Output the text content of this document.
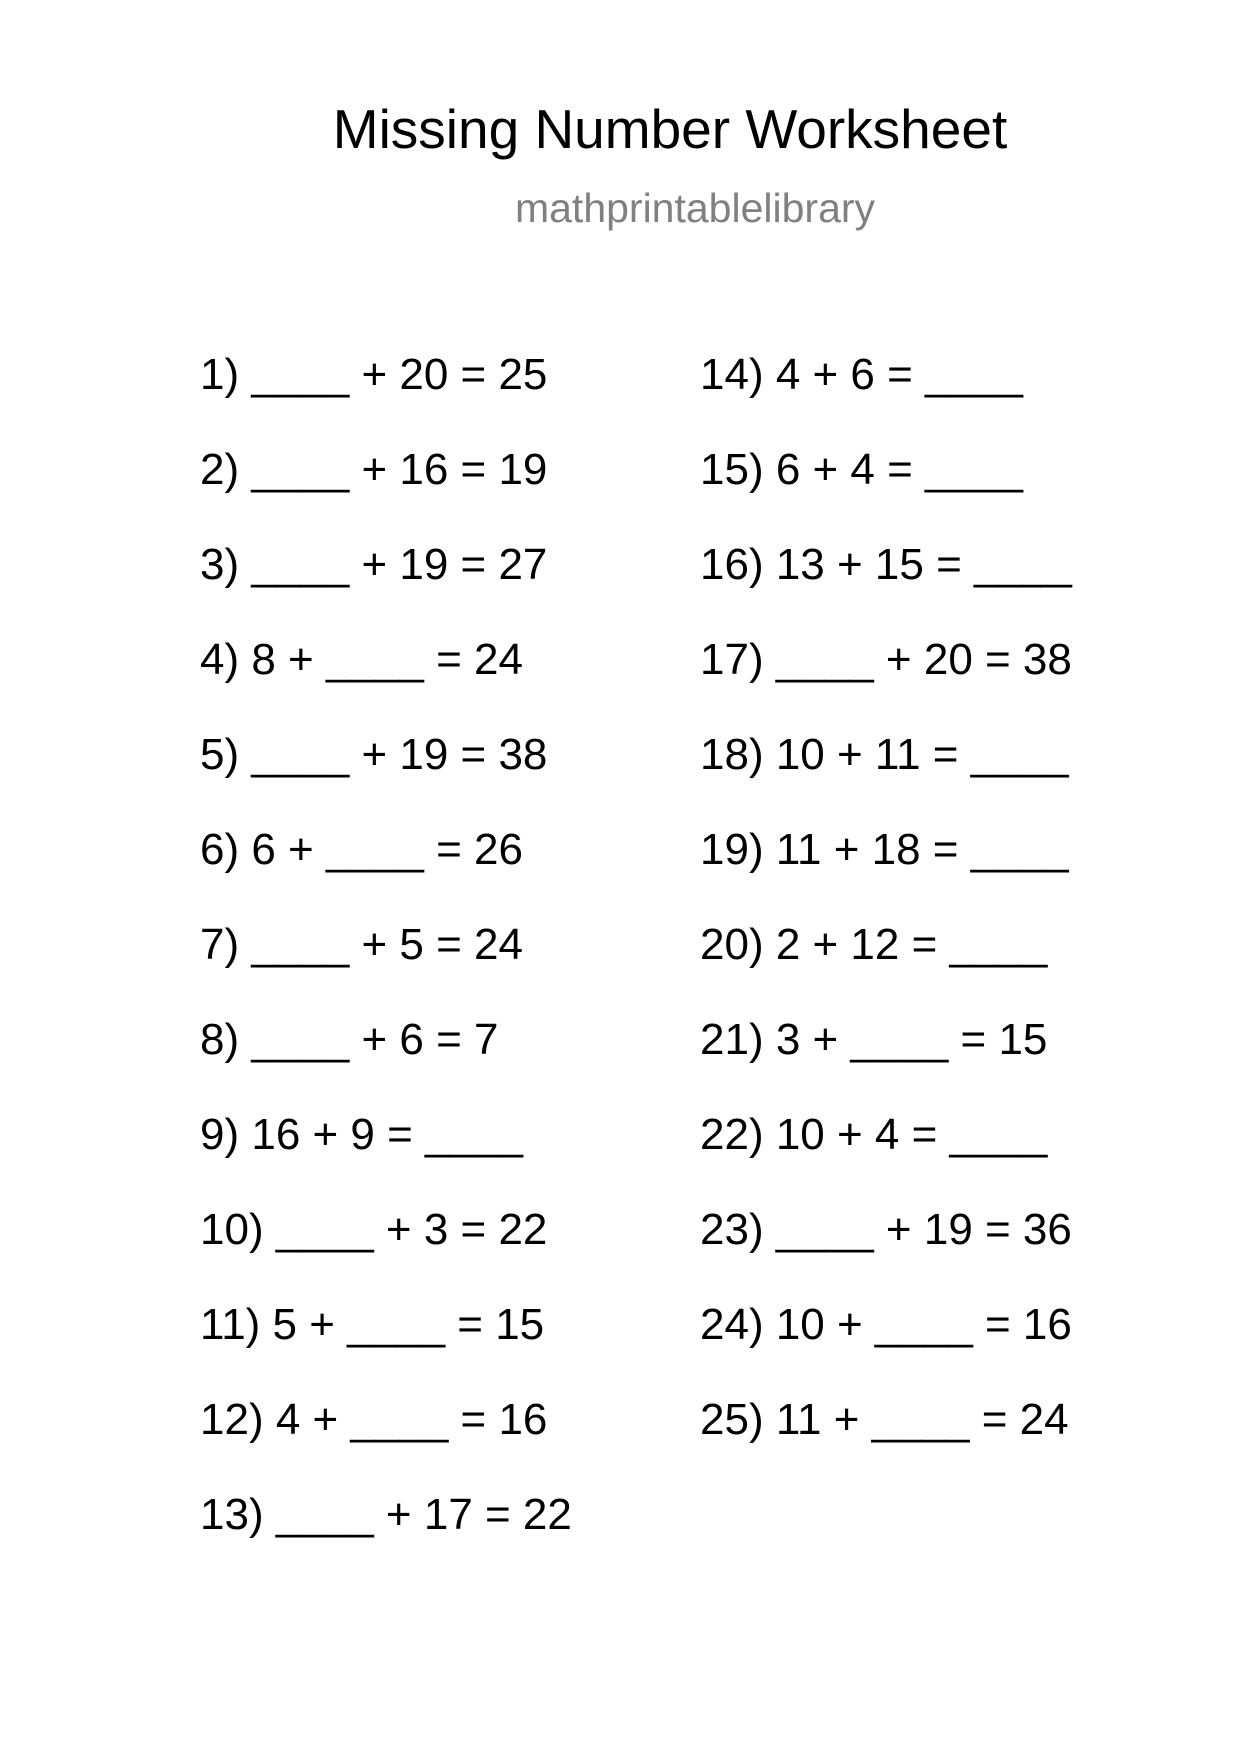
Missing Number Worksheet
mathprintablelibrary
1) ____ + 20 = 25
2) ____ + 16 = 19
3) ____ + 19 = 27
4) 8 + ____ = 24
5) ____ + 19 = 38
6) 6 + ____ = 26
7) ____ + 5 = 24
8) ____ + 6 = 7
9) 16 + 9 = ____
10) ____ + 3 = 22
11) 5 + ____ = 15
12) 4 + ____ = 16
13) ____ + 17 = 22
14) 4 + 6 = ____
15) 6 + 4 = ____
16) 13 + 15 = ____
17) ____ + 20 = 38
18) 10 + 11 = ____
19) 11 + 18 = ____
20) 2 + 12 = ____
21) 3 + ____ = 15
22) 10 + 4 = ____
23) ____ + 19 = 36
24) 10 + ____ = 16
25) 11 + ____ = 24
